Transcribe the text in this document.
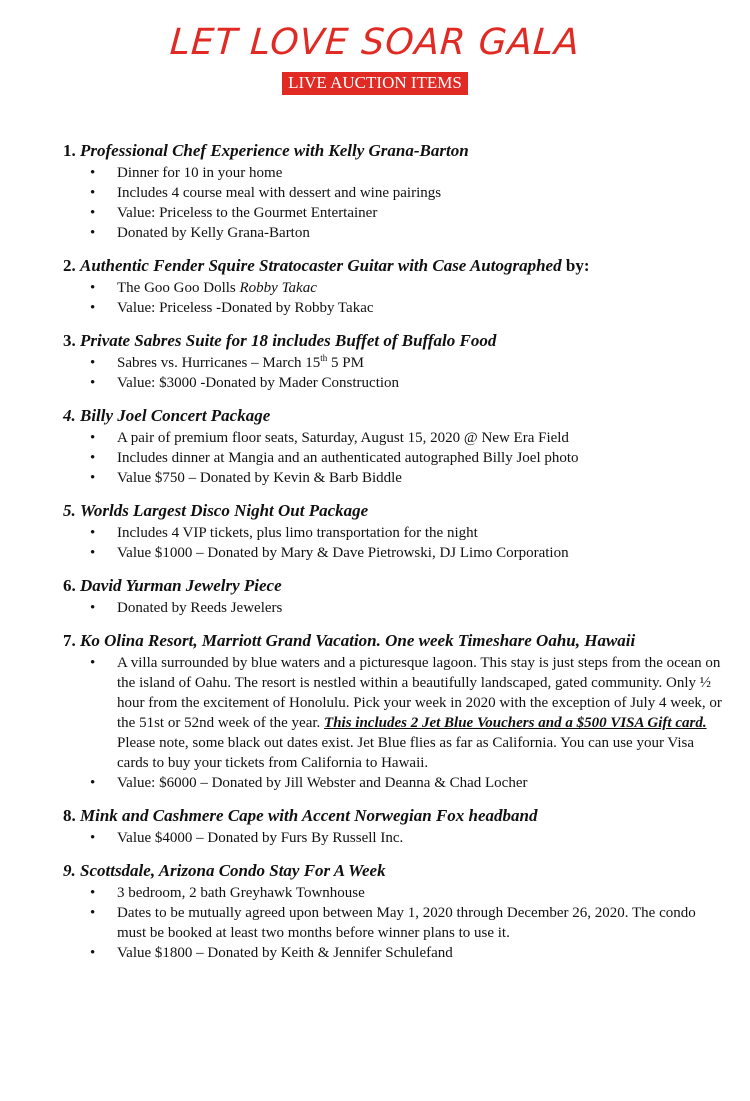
LET LOVE SOAR GALA
LIVE AUCTION ITEMS
1. Professional Chef Experience with Kelly Grana-Barton
• Dinner for 10 in your home
• Includes 4 course meal with dessert and wine pairings
• Value: Priceless to the Gourmet Entertainer
• Donated by Kelly Grana-Barton
2. Authentic Fender Squire Stratocaster Guitar with Case Autographed by:
• The Goo Goo Dolls Robby Takac
• Value: Priceless -Donated by Robby Takac
3. Private Sabres Suite for 18 includes Buffet of Buffalo Food
• Sabres vs. Hurricanes – March 15th 5 PM
• Value: $3000 -Donated by Mader Construction
4. Billy Joel Concert Package
• A pair of premium floor seats, Saturday, August 15, 2020 @ New Era Field
• Includes dinner at Mangia and an authenticated autographed Billy Joel photo
• Value $750 – Donated by Kevin & Barb Biddle
5. Worlds Largest Disco Night Out Package
• Includes 4 VIP tickets, plus limo transportation for the night
• Value $1000 – Donated by Mary & Dave Pietrowski, DJ Limo Corporation
6. David Yurman Jewelry Piece
• Donated by Reeds Jewelers
7. Ko Olina Resort, Marriott Grand Vacation. One week Timeshare Oahu, Hawaii
• A villa surrounded by blue waters and a picturesque lagoon. This stay is just steps from the ocean on the island of Oahu. The resort is nestled within a beautifully landscaped, gated community. Only ½ hour from the excitement of Honolulu. Pick your week in 2020 with the exception of July 4 week, or the 51st or 52nd week of the year. This includes 2 Jet Blue Vouchers and a $500 VISA Gift card. Please note, some black out dates exist. Jet Blue flies as far as California. You can use your Visa cards to buy your tickets from California to Hawaii.
• Value: $6000 – Donated by Jill Webster and Deanna & Chad Locher
8. Mink and Cashmere Cape with Accent Norwegian Fox headband
• Value $4000 – Donated by Furs By Russell Inc.
9. Scottsdale, Arizona Condo Stay For A Week
• 3 bedroom, 2 bath Greyhawk Townhouse
• Dates to be mutually agreed upon between May 1, 2020 through December 26, 2020. The condo must be booked at least two months before winner plans to use it.
• Value $1800 – Donated by Keith & Jennifer Schulefand
